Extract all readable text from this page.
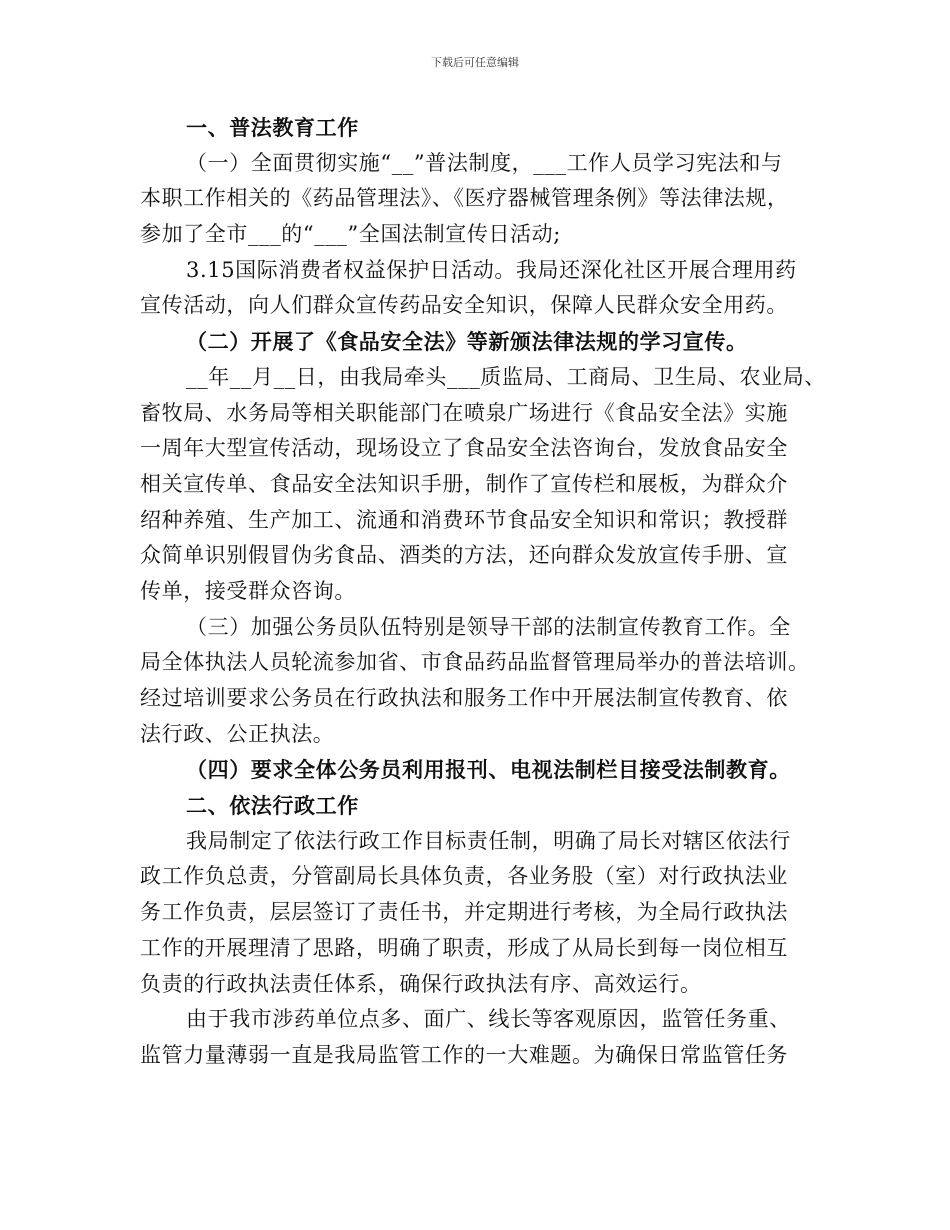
下载后可任意编辑
一、普法教育工作
（一）全面贯彻实施“__”普法制度，___工作人员学习宪法和与
本职工作相关的《药品管理法》、《医疗器械管理条例》等法律法规，
参加了全市___的“___”全国法制宣传日活动;
3.15国际消费者权益保护日活动。我局还深化社区开展合理用药
宣传活动，向人们群众宣传药品安全知识，保障人民群众安全用药。
（二）开展了《食品安全法》等新颁法律法规的学习宣传。
__年__月__日，由我局牵头___质监局、工商局、卫生局、农业局、
畜牧局、水务局等相关职能部门在喷泉广场进行《食品安全法》实施
一周年大型宣传活动，现场设立了食品安全法咨询台，发放食品安全
相关宣传单、食品安全法知识手册，制作了宣传栏和展板，为群众介
绍种养殖、生产加工、流通和消费环节食品安全知识和常识；教授群
众简单识别假冒伪劣食品、酒类的方法，还向群众发放宣传手册、宣
传单，接受群众咨询。
（三）加强公务员队伍特别是领导干部的法制宣传教育工作。全
局全体执法人员轮流参加省、市食品药品监督管理局举办的普法培训。
经过培训要求公务员在行政执法和服务工作中开展法制宣传教育、依
法行政、公正执法。
（四）要求全体公务员利用报刊、电视法制栏目接受法制教育。
二、依法行政工作
我局制定了依法行政工作目标责任制，明确了局长对辖区依法行
政工作负总责，分管副局长具体负责，各业务股（室）对行政执法业
务工作负责，层层签订了责任书，并定期进行考核，为全局行政执法
工作的开展理清了思路，明确了职责，形成了从局长到每一岗位相互
负责的行政执法责任体系，确保行政执法有序、高效运行。
由于我市涉药单位点多、面广、线长等客观原因，监管任务重、
监管力量薄弱一直是我局监管工作的一大难题。为确保日常监管任务
